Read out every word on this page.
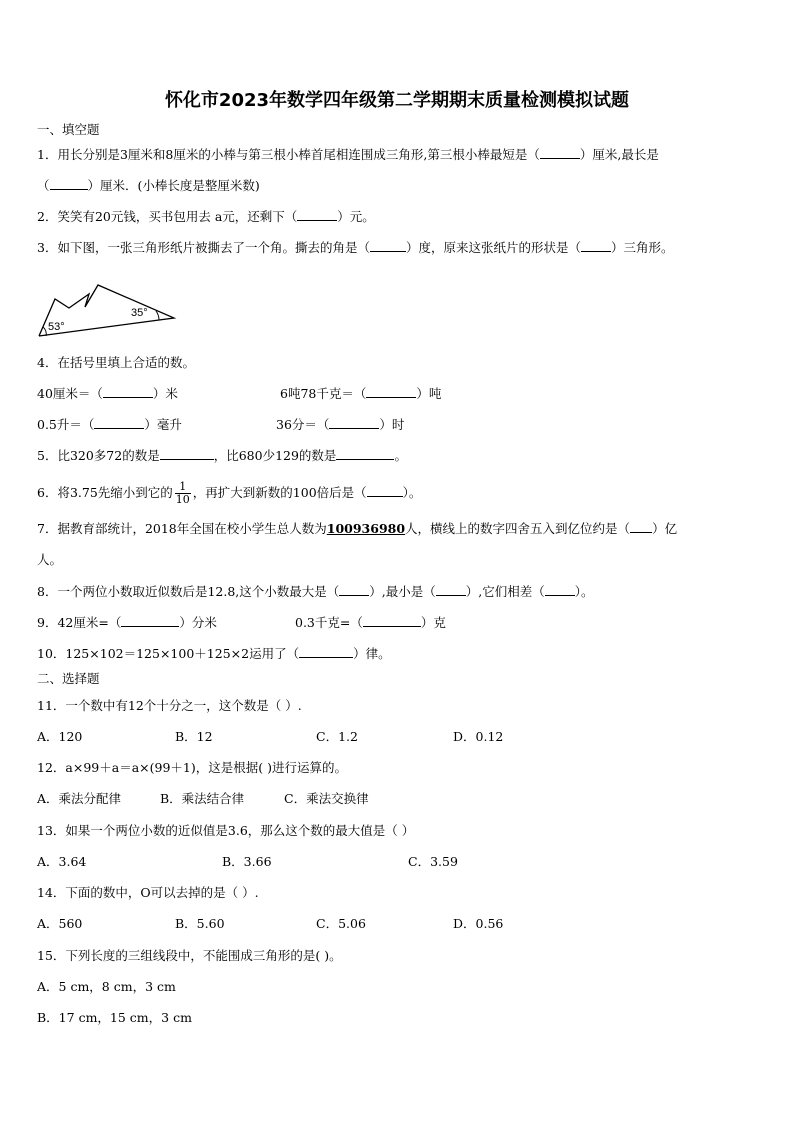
怀化市2023年数学四年级第二学期期末质量检测模拟试题
一、填空题
1．用长分别是3厘米和8厘米的小棒与第三根小棒首尾相连围成三角形,第三根小棒最短是（	）厘米,最长是
（	）厘米．(小棒长度是整厘米数)
2．笑笑有20元钱，买书包用去 a元，还剩下（	）元。
3．如下图，一张三角形纸片被撕去了一个角。撕去的角是（	）度，原来这张纸片的形状是（ ）三角形。
53°
35°
4．在括号里填上合适的数。
40厘米＝（	）米	6吨78千克＝（	）吨
0.5升＝（	）毫升	36分＝（	）时
5．比320多72的数是	，比680少129的数是	。
6．将3.75先缩小到它的 $\frac{1}{10}$ ，再扩大到新数的100倍后是（	）。
7．据教育部统计，2018年全国在校小学生总人数为100936980人，横线上的数字四舍五入到亿位约是（ ）亿
人。
8．一个两位小数取近似数后是12.8,这个小数最大是（ ）,最小是（ ）,它们相差（ ）。
9．42厘米=（	）分米	0.3千克=（	）克
10．125×102＝125×100＋125×2运用了（	）律。
二、选择题
11．一个数中有12个十分之一，这个数是（ ）.
A．120	B．12	C．1.2	D．0.12
12．a×99＋a＝a×(99＋1)，这是根据( )进行运算的。
A．乘法分配律	B．乘法结合律	C．乘法交换律
13．如果一个两位小数的近似值是3.6，那么这个数的最大值是（ ）
A．3.64	B．3.66	C．3.59
14．下面的数中，O可以去掉的是（ ）.
A．560	B．5.60	C．5.06	D．0.56
15．下列长度的三组线段中，不能围成三角形的是( )。
A．5 cm，8 cm，3 cm
B．17 cm，15 cm，3 cm
